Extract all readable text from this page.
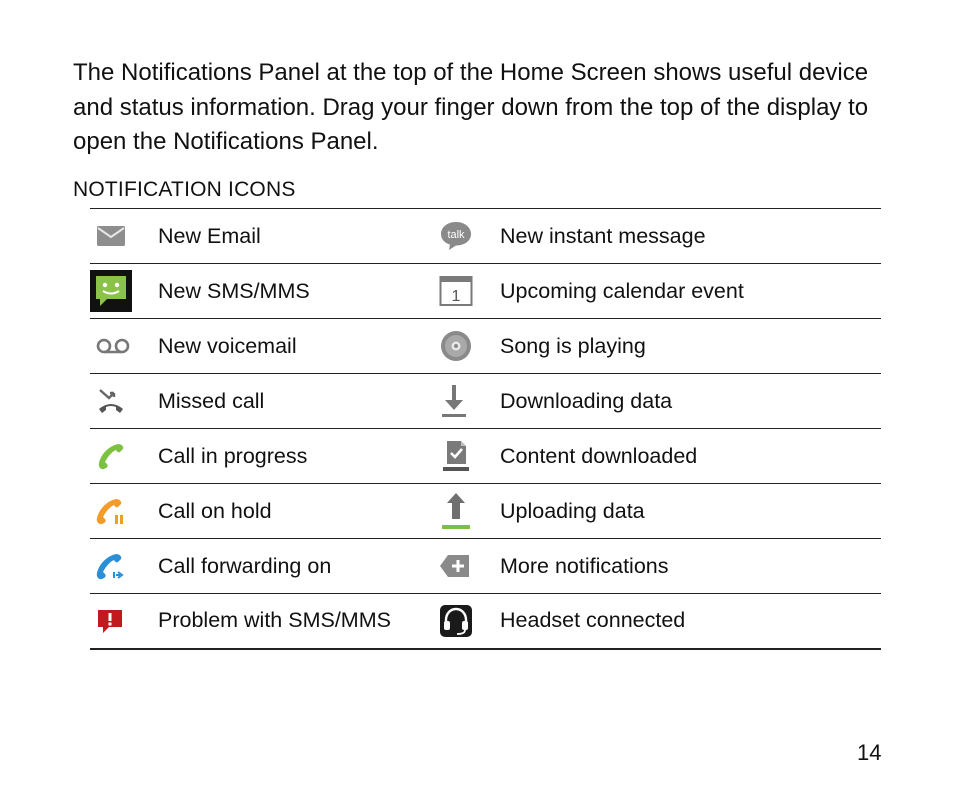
The Notifications Panel at the top of the Home Screen shows useful device and status information. Drag your finger down from the top of the display to open the Notifications Panel.

NOTIFICATION ICONS
	New Email	talk	New instant message

	New SMS/MMS	1	Upcoming calendar event

	New voicemail		Song is playing

	Missed call		Downloading data

	Call in progress		Content downloaded

	Call on hold		Uploading data

	Call forwarding on		More notifications

	Problem with SMS/MMS		Headset connected

14
